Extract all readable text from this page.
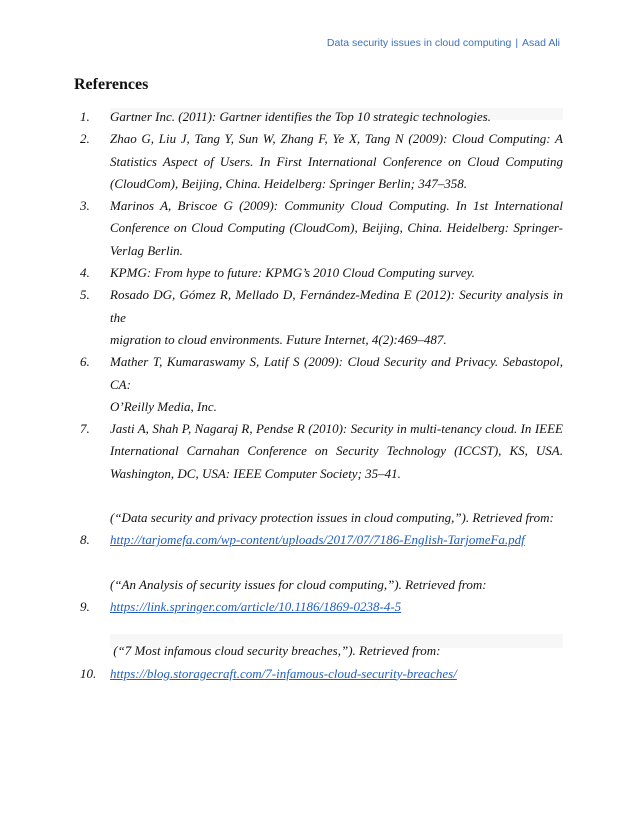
Data security issues in cloud computing | Asad Ali
References
1. Gartner Inc. (2011): Gartner identifies the Top 10 strategic technologies.
2. Zhao G, Liu J, Tang Y, Sun W, Zhang F, Ye X, Tang N (2009): Cloud Computing: A
Statistics Aspect of Users. In First International Conference on Cloud Computing
(CloudCom), Beijing, China. Heidelberg: Springer Berlin; 347–358.
3. Marinos A, Briscoe G (2009): Community Cloud Computing. In 1st International
Conference on Cloud Computing (CloudCom), Beijing, China. Heidelberg: Springer-
Verlag Berlin.
4. KPMG: From hype to future: KPMG’s 2010 Cloud Computing survey.
5. Rosado DG, Gómez R, Mellado D, Fernández-Medina E (2012): Security analysis in the
migration to cloud environments. Future Internet, 4(2):469–487.
6. Mather T, Kumaraswamy S, Latif S (2009): Cloud Security and Privacy. Sebastopol, CA:
O’Reilly Media, Inc.
7. Jasti A, Shah P, Nagaraj R, Pendse R (2010): Security in multi-tenancy cloud. In IEEE
International Carnahan Conference on Security Technology (ICCST), KS, USA.
Washington, DC, USA: IEEE Computer Society; 35–41.
(“Data security and privacy protection issues in cloud computing,”). Retrieved from:
8. http://tarjomefa.com/wp-content/uploads/2017/07/7186-English-TarjomeFa.pdf
(“An Analysis of security issues for cloud computing,”). Retrieved from:
9. https://link.springer.com/article/10.1186/1869-0238-4-5
(“7 Most infamous cloud security breaches,”). Retrieved from:
10. https://blog.storagecraft.com/7-infamous-cloud-security-breaches/
